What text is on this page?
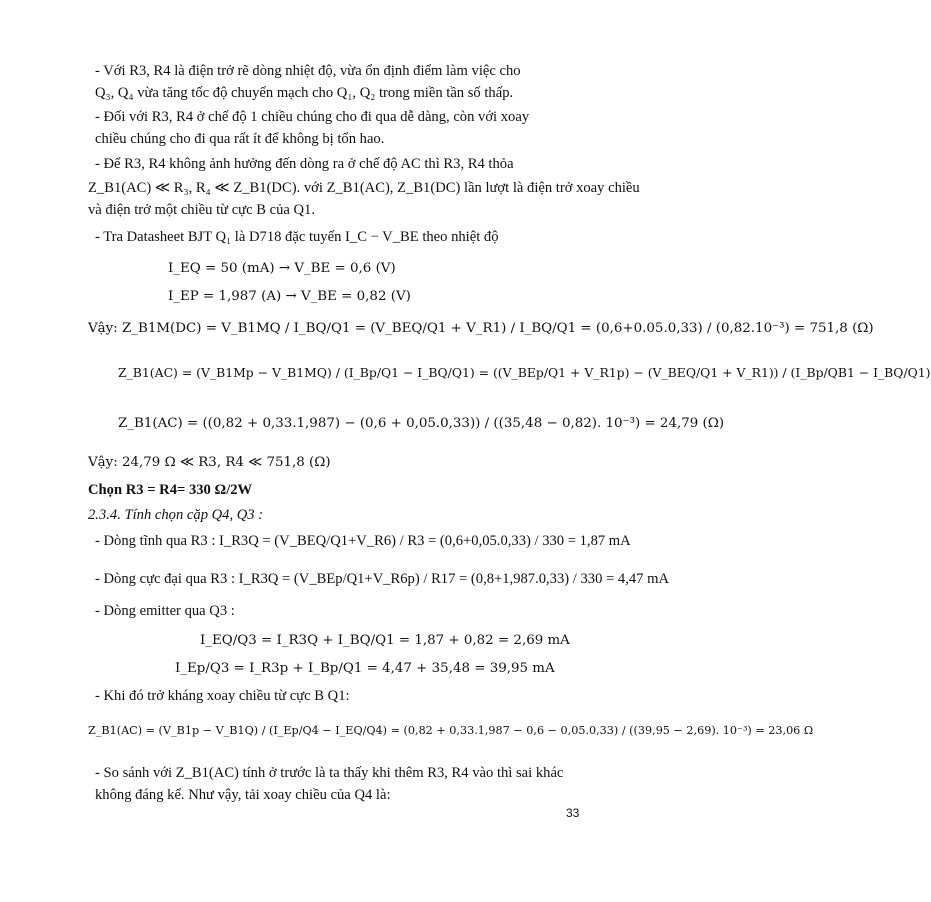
- Với R3, R4 là điện trở rẽ dòng nhiệt độ, vừa ổn định điểm làm việc cho
Q₃, Q₄ vừa tăng tốc độ chuyển mạch cho Q₁, Q₂ trong miền tần số thấp.
- Đối với R3, R4 ở chế độ 1 chiều chúng cho đi qua dễ dàng, còn với xoay
chiều chúng cho đi qua rất ít để không bị tổn hao.
- Để R3, R4 không ảnh hưởng đến dòng ra ở chế độ AC thì R3, R4 thỏa
Z_B1(AC) ≪ R₃, R₄ ≪ Z_B1(DC). với Z_B1(AC), Z_B1(DC) lần lượt là điện trở xoay chiều
và điện trở một chiều từ cực B của Q1.
- Tra Datasheet BJT Q₁ là D718 đặc tuyến I_C − V_BE theo nhiệt độ
I_EQ = 50 (mA) → V_BE = 0,6 (V)
I_EP = 1,987 (A) → V_BE = 0,82 (V)
Vậy: Z_B1M(DC) = V_B1MQ / I_BQ/Q1 = (V_BEQ/Q1 + V_R1) / I_BQ/Q1 = (0,6+0.05.0,33) / (0,82.10⁻³) = 751,8 (Ω)
Z_B1(AC) = (V_B1Mp − V_B1MQ) / (I_Bp/Q1 − I_BQ/Q1) = ((V_BEp/Q1 + V_R1p) − (V_BEQ/Q1 + V_R1)) / (I_Bp/QB1 − I_BQ/Q1)
Z_B1(AC) = ((0,82 + 0,33.1,987) − (0,6 + 0,05.0,33)) / ((35,48 − 0,82). 10⁻³) = 24,79 (Ω)
Vậy: 24,79 Ω ≪ R3, R4 ≪ 751,8 (Ω)
Chọn R3 = R4= 330 Ω/2W
2.3.4. Tính chọn cặp Q4, Q3 :
- Dòng tĩnh qua R3 : I_R3Q = (V_BEQ/Q1+V_R6) / R3 = (0,6+0,05.0,33) / 330 = 1,87 mA
- Dòng cực đại qua R3 : I_R3Q = (V_BEp/Q1+V_R6p) / R17 = (0,8+1,987.0,33) / 330 = 4,47 mA
- Dòng emitter qua Q3 :
I_EQ/Q3 = I_R3Q + I_BQ/Q1 = 1,87 + 0,82 = 2,69 mA
I_Ep/Q3 = I_R3p + I_Bp/Q1 = 4,47 + 35,48 = 39,95 mA
- Khi đó trở kháng xoay chiều từ cực B Q1:
Z_B1(AC) = (V_B1p − V_B1Q) / (I_Ep/Q4 − I_EQ/Q4) = (0,82 + 0,33.1,987 − 0,6 − 0,05.0,33) / ((39,95 − 2,69). 10⁻³) = 23,06 Ω
- So sánh với Z_B1(AC) tính ở trước là ta thấy khi thêm R3, R4 vào thì sai khác
không đáng kể. Như vậy, tải xoay chiều của Q4 là:
33
